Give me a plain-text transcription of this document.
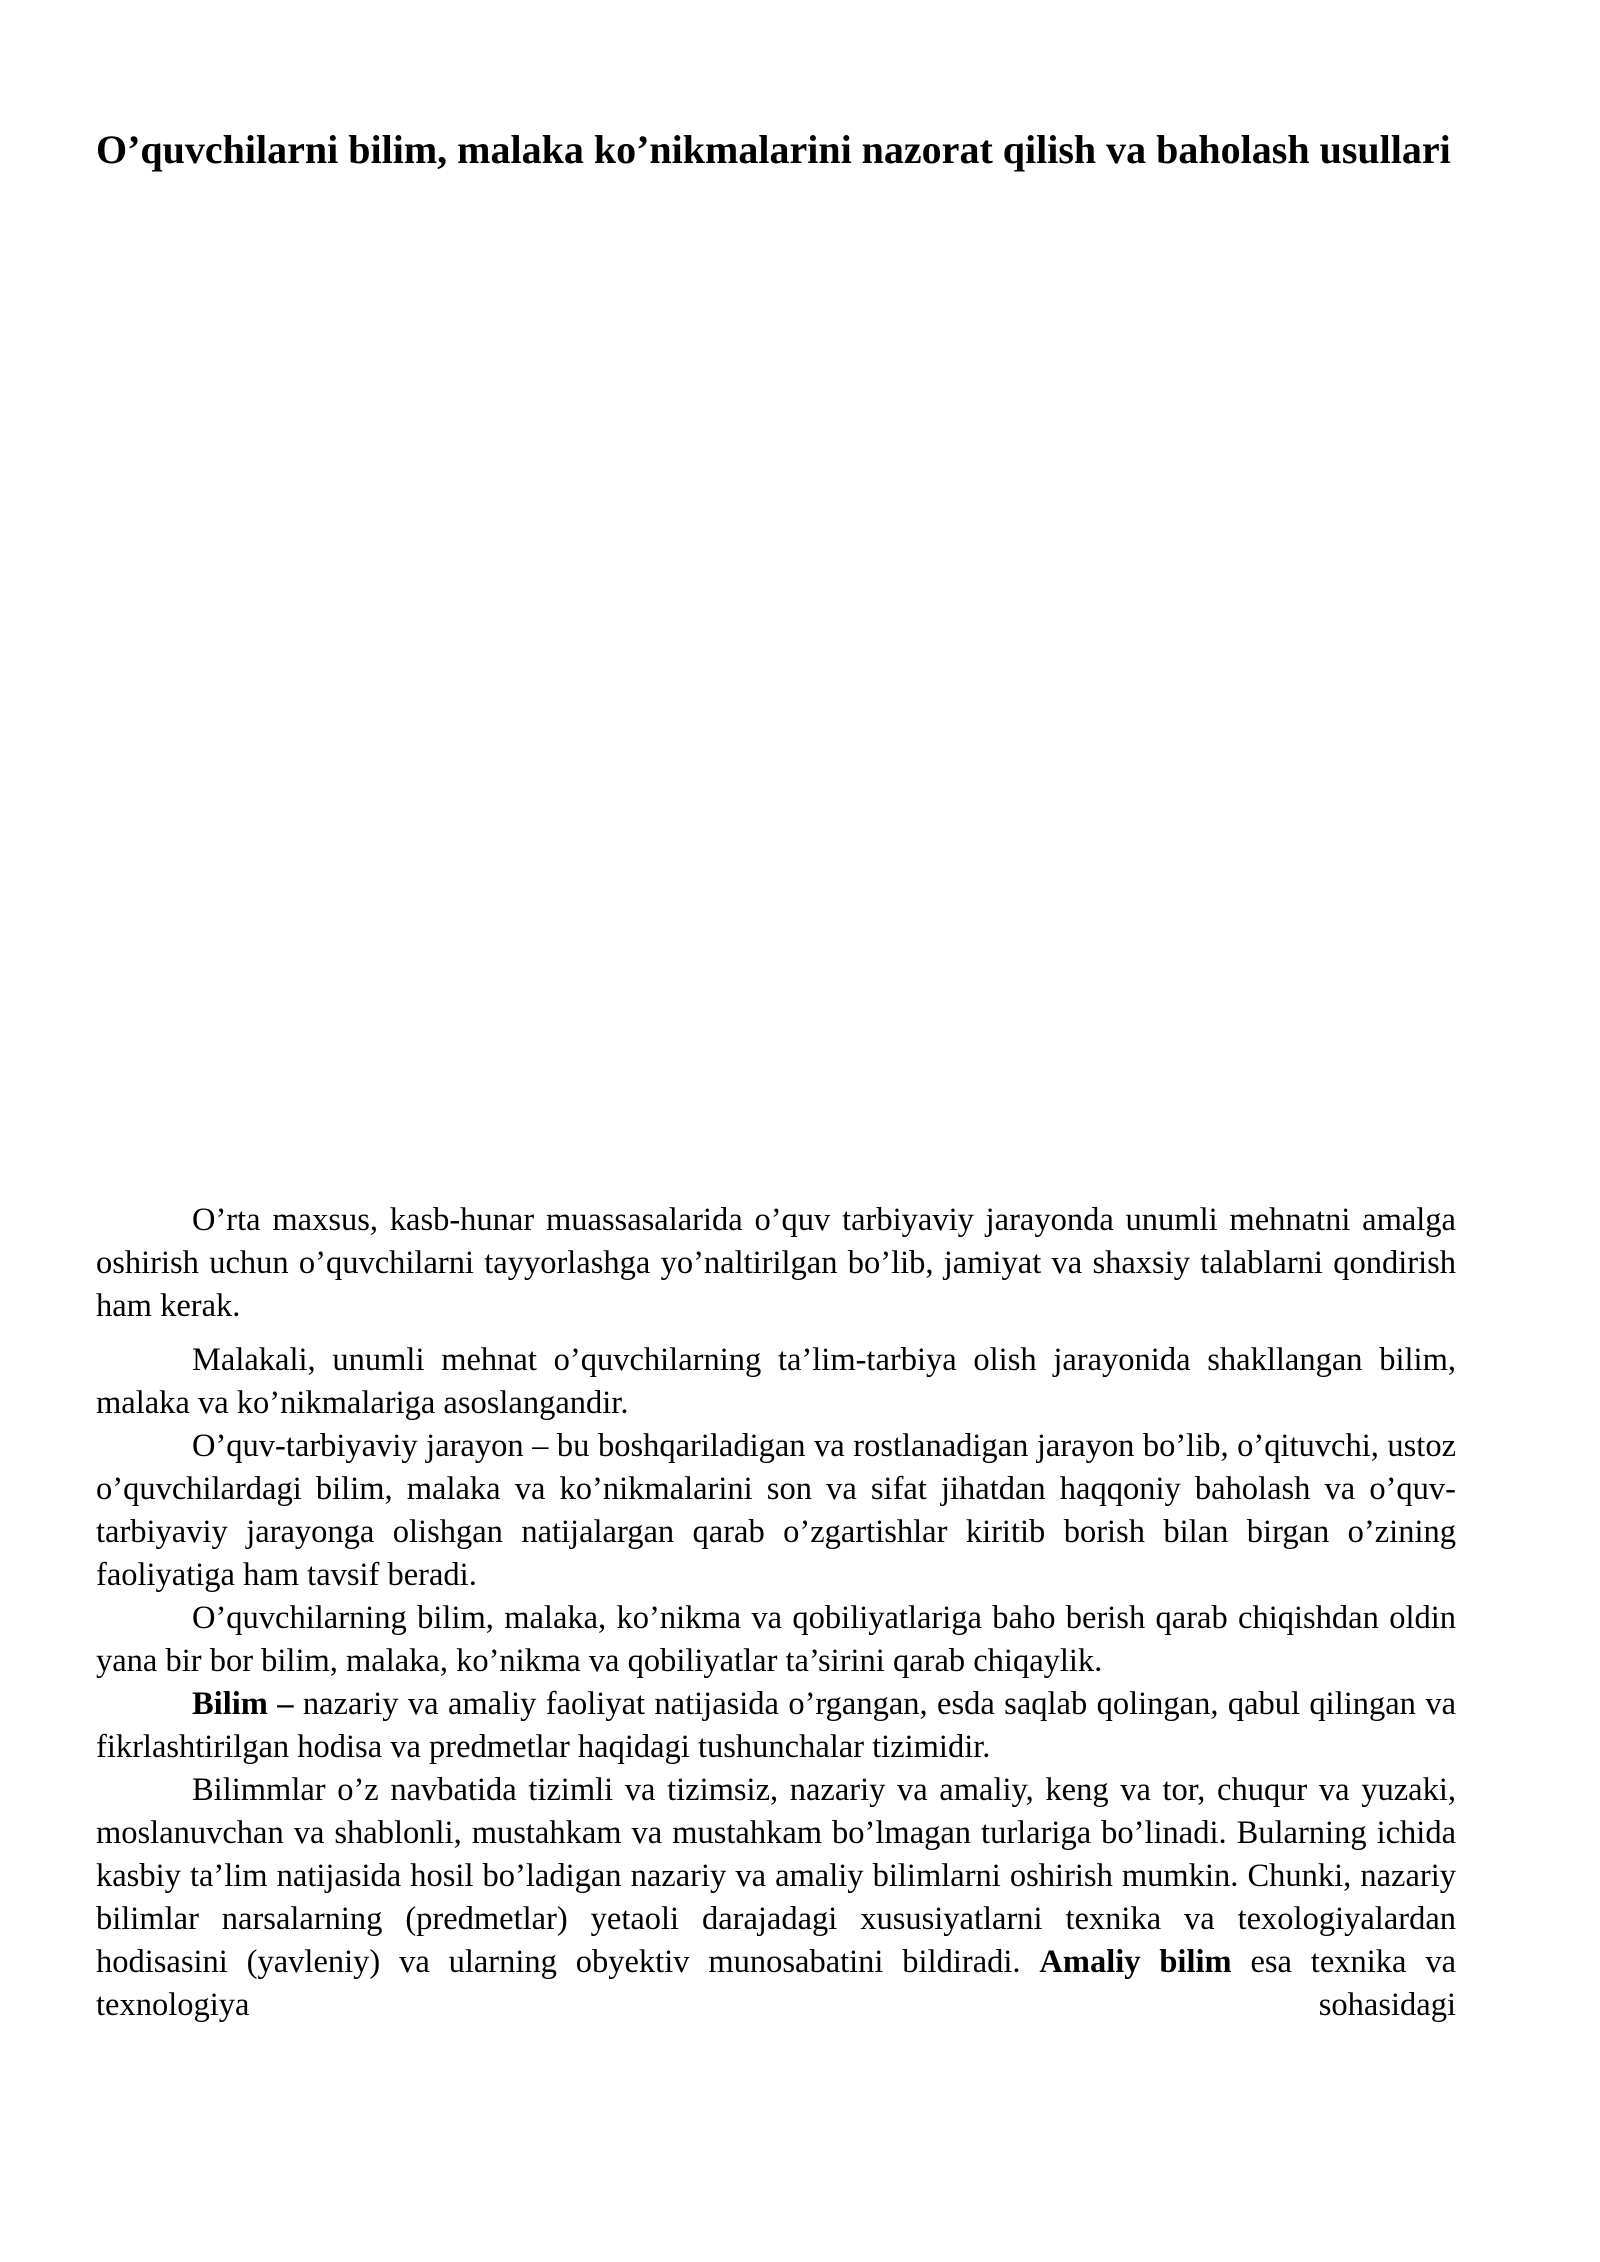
O’quvchilarni bilim, malaka ko’nikmalarini nazorat qilish va baholash usullari

O’rta maxsus, kasb-hunar muassasalarida o’quv tarbiyaviy jarayonda unumli mehnatni amalga oshirish uchun o’quvchilarni tayyorlashga yo’naltirilgan bo’lib, jamiyat va shaxsiy talablarni qondirish ham kerak.

Malakali, unumli mehnat o’quvchilarning ta’lim-tarbiya olish jarayonida shakllangan bilim, malaka va ko’nikmalariga asoslangandir.

O’quv-tarbiyaviy jarayon – bu boshqariladigan va rostlanadigan jarayon bo’lib, o’qituvchi, ustoz o’quvchilardagi bilim, malaka va ko’nikmalarini son va sifat jihatdan haqqoniy baholash va o’quv-tarbiyaviy jarayonga olishgan natijalargan qarab o’zgartishlar kiritib borish bilan birgan o’zining faoliyatiga ham tavsif beradi.

O’quvchilarning bilim, malaka, ko’nikma va qobiliyatlariga baho berish qarab chiqishdan oldin yana bir bor bilim, malaka, ko’nikma va qobiliyatlar ta’sirini qarab chiqaylik.

Bilim – nazariy va amaliy faoliyat natijasida o’rgangan, esda saqlab qolingan, qabul qilingan va fikrlashtirilgan hodisa va predmetlar haqidagi tushunchalar tizimidir.

Bilimmlar o’z navbatida tizimli va tizimsiz, nazariy va amaliy, keng va tor, chuqur va yuzaki, moslanuvchan va shablonli, mustahkam va mustahkam bo’lmagan turlariga bo’linadi. Bularning ichida kasbiy ta’lim natijasida hosil bo’ladigan nazariy va amaliy bilimlarni oshirish mumkin. Chunki, nazariy bilimlar narsalarning (predmetlar) yetaoli darajadagi xususiyatlarni texnika va texologiyalardan hodisasini (yavleniy) va ularning obyektiv munosabatini bildiradi. Amaliy bilim esa texnika va texnologiya sohasidagi
